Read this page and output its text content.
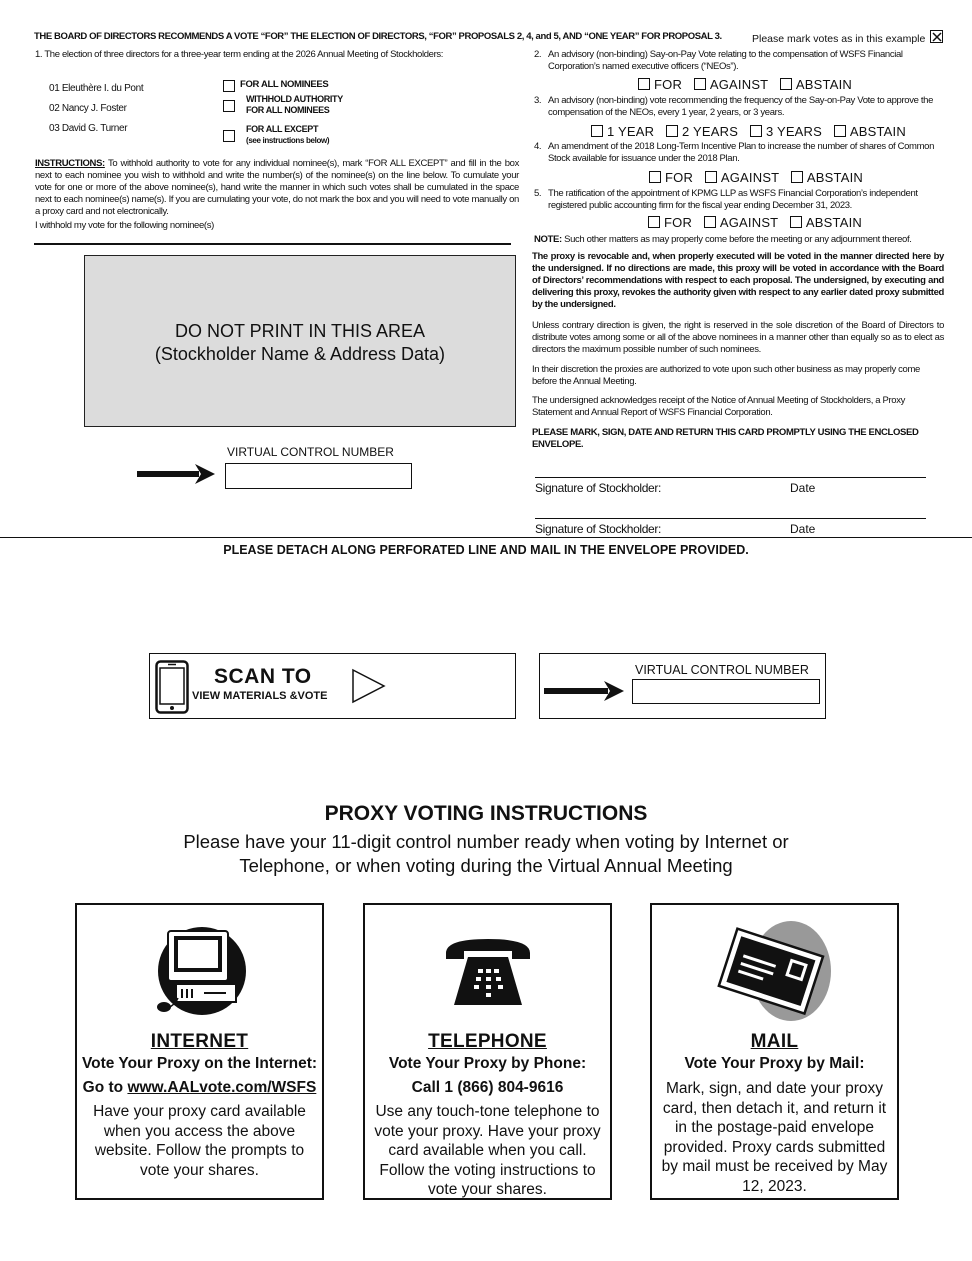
THE BOARD OF DIRECTORS RECOMMENDS A VOTE “FOR” THE ELECTION OF DIRECTORS, “FOR” PROPOSALS 2, 4, and 5, AND “ONE YEAR” FOR PROPOSAL 3.	Please mark votes as in this example
1. The election of three directors for a three-year term ending at the 2026 Annual Meeting of Stockholders:
01 Eleuthère I. du Pont
02 Nancy J. Foster
03 David G. Turner
FOR ALL NOMINEES
WITHHOLD AUTHORITY
FOR ALL NOMINEES
FOR ALL EXCEPT
(see instructions below)
INSTRUCTIONS: To withhold authority to vote for any individual nominee(s), mark “FOR ALL EXCEPT” and fill in the box next to each nominee you wish to withhold and write the number(s) of the nominee(s) on the line below. To cumulate your vote for one or more of the above nominee(s), hand write the manner in which such votes shall be cumulated in the space next to each nominee(s) name(s). If you are cumulating your vote, do not mark the box and you will need to vote manually on a proxy card and not electronically.
I withhold my vote for the following nominee(s)
DO NOT PRINT IN THIS AREA
(Stockholder Name & Address Data)
VIRTUAL CONTROL NUMBER
2. An advisory (non-binding) Say-on-Pay Vote relating to the compensation of WSFS Financial Corporation’s named executive officers (“NEOs”).
FOR AGAINST ABSTAIN
3. An advisory (non-binding) vote recommending the frequency of the Say-on-Pay Vote to approve the compensation of the NEOs, every 1 year, 2 years, or 3 years.
1 YEAR 2 YEARS 3 YEARS ABSTAIN
4. An amendment of the 2018 Long-Term Incentive Plan to increase the number of shares of Common Stock available for issuance under the 2018 Plan.
FOR AGAINST ABSTAIN
5. The ratification of the appointment of KPMG LLP as WSFS Financial Corporation’s independent registered public accounting firm for the fiscal year ending December 31, 2023.
FOR AGAINST ABSTAIN
NOTE: Such other matters as may properly come before the meeting or any adjournment thereof.
The proxy is revocable and, when properly executed will be voted in the manner directed here by the undersigned. If no directions are made, this proxy will be voted in accordance with the Board of Directors’ recommendations with respect to each proposal. The undersigned, by executing and delivering this proxy, revokes the authority given with respect to any earlier dated proxy submitted by the undersigned.
Unless contrary direction is given, the right is reserved in the sole discretion of the Board of Directors to distribute votes among some or all of the above nominees in a manner other than equally so as to elect as directors the maximum possible number of such nominees.
In their discretion the proxies are authorized to vote upon such other business as may properly come before the Annual Meeting.
The undersigned acknowledges receipt of the Notice of Annual Meeting of Stockholders, a Proxy Statement and Annual Report of WSFS Financial Corporation.
PLEASE MARK, SIGN, DATE AND RETURN THIS CARD PROMPTLY USING THE ENCLOSED ENVELOPE.
Signature of Stockholder:	Date
Signature of Stockholder:	Date
PLEASE DETACH ALONG PERFORATED LINE AND MAIL IN THE ENVELOPE PROVIDED.
SCAN TO
VIEW MATERIALS &VOTE
VIRTUAL CONTROL NUMBER
PROXY VOTING INSTRUCTIONS
Please have your 11-digit control number ready when voting by Internet or
Telephone, or when voting during the Virtual Annual Meeting
INTERNET
Vote Your Proxy on the Internet:
Go to www.AALvote.com/WSFS
Have your proxy card available when you access the above website. Follow the prompts to vote your shares.
TELEPHONE
Vote Your Proxy by Phone:
Call 1 (866) 804-9616
Use any touch-tone telephone to vote your proxy. Have your proxy card available when you call. Follow the voting instructions to vote your shares.
MAIL
Vote Your Proxy by Mail:
Mark, sign, and date your proxy card, then detach it, and return it in the postage-paid envelope provided. Proxy cards submitted by mail must be received by May 12, 2023.
